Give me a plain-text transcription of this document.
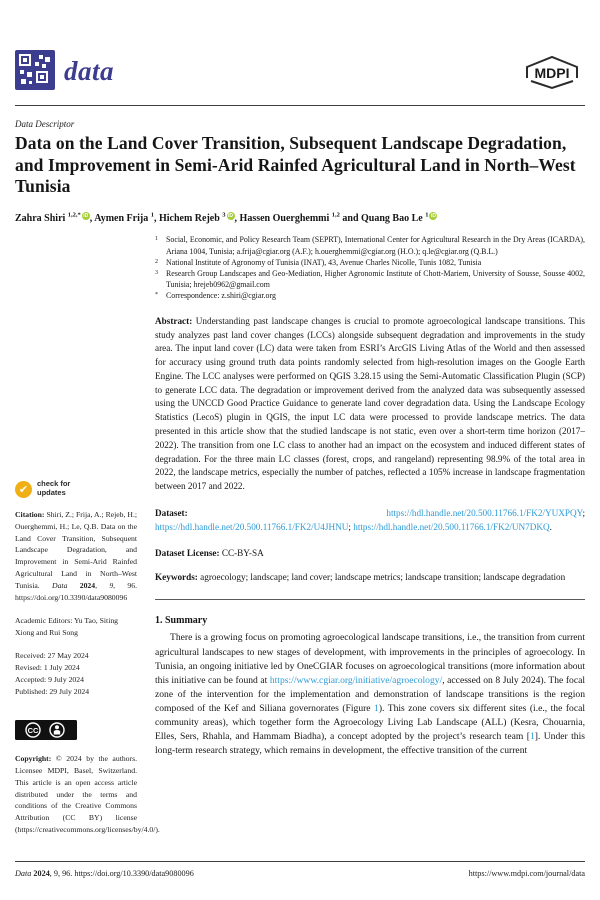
data	MDPI
Data Descriptor
Data on the Land Cover Transition, Subsequent Landscape Degradation, and Improvement in Semi-Arid Rainfed Agricultural Land in North–West Tunisia
Zahra Shiri $^{1,2,*}$ iD , Aymen Frija $^1$, Hichem Rejeb $^3$ iD , Hassen Ouerghemmi $^{1,2}$ and Quang Bao Le $^1$ iD
✔	check for
updates
Citation: Shiri, Z.; Frija, A.; Rejeb, H.; Ouerghemmi, H.; Le, Q.B. Data on the Land Cover Transition, Subsequent Landscape Degradation, and Improvement in Semi-Arid Rainfed Agricultural Land in North–West Tunisia. Data 2024, 9, 96. https://doi.org/10.3390/data9080096
Academic Editors: Yu Tao, Siting Xiong and Rui Song
Received: 27 May 2024
Revised: 1 July 2024
Accepted: 9 July 2024
Published: 29 July 2024
CC
Copyright: © 2024 by the authors. Licensee MDPI, Basel, Switzerland. This article is an open access article distributed under the terms and conditions of the Creative Commons Attribution (CC BY) license (https://creativecommons.org/licenses/by/4.0/).
1	Social, Economic, and Policy Research Team (SEPRT), International Center for Agricultural Research in the Dry Areas (ICARDA), Ariana 1004, Tunisia; a.frija@cgiar.org (A.F.); h.ouerghemmi@cgiar.org (H.O.); q.le@cgiar.org (Q.B.L.)
2	National Institute of Agronomy of Tunisia (INAT), 43, Avenue Charles Nicolle, Tunis 1082, Tunisia
3	Research Group Landscapes and Geo-Mediation, Higher Agronomic Institute of Chott-Mariem, University of Sousse, Sousse 4002, Tunisia; hrejeb0962@gmail.com
*	Correspondence: z.shiri@cgiar.org
Abstract: Understanding past landscape changes is crucial to promote agroecological landscape transitions. This study analyzes past land cover changes (LCCs) alongside subsequent degradation and improvements in the study area. The input land cover (LC) data were taken from ESRI’s ArcGIS Living Atlas of the World and then assessed for accuracy using ground truth data points randomly selected from high-resolution images on the Google Earth Engine. The LCC analyses were performed on QGIS 3.28.15 using the Semi-Automatic Classification Plugin (SCP) to generate LCC data. The degradation or improvement derived from the analyzed data was subsequently assessed using the UNCCD Good Practice Guidance to generate land cover degradation data. Using the Landscape Ecology Statistics (LecoS) plugin in QGIS, the input LC data were processed to provide landscape metrics. The data presented in this article show that the studied landscape is not static, even over a short-term time horizon (2017–2022). The transition from one LC class to another had an impact on the ecosystem and induced different states of degradation. For the three main LC classes (forest, crops, and rangeland) representing 98.9% of the total area in 2022, the landscape metrics, especially the number of patches, reflected a 105% increase in landscape fragmentation between 2017 and 2022.
Dataset:	https://hdl.handle.net/20.500.11766.1/FK2/YUXPQY; https://hdl.handle.net/20.500.11766.1/FK2/U4JHNU; https://hdl.handle.net/20.500.11766.1/FK2/UN7DKQ.
Dataset License: CC-BY-SA
Keywords: agroecology; landscape; land cover; landscape metrics; landscape transition; landscape degradation
1. Summary

There is a growing focus on promoting agroecological landscape transitions, i.e., the transition from current agricultural landscapes to new stages of development, with improvements in the principles of agroecology. In Tunisia, an ongoing initiative led by OneCGIAR focuses on agroecological transitions (more information about this initiative can be found at https://www.cgiar.org/initiative/agroecology/, accessed on 8 July 2024). The focal zone of the intervention for the implementation and demonstration of landscape transitions is the region composed of the Kef and Siliana governorates (Figure 1). This zone covers six different sites (i.e., the focal community areas), which together form the Agroecology Living Lab Landscape (ALL) (Kesra, Chouarnia, Elles, Sers, Rhahla, and Hammam Biadha), a concept adopted by the project’s research team [1]. Under this long-term research strategy, which remains in development, the effective transition of the current

Data 2024, 9, 96. https://doi.org/10.3390/data9080096	https://www.mdpi.com/journal/data
